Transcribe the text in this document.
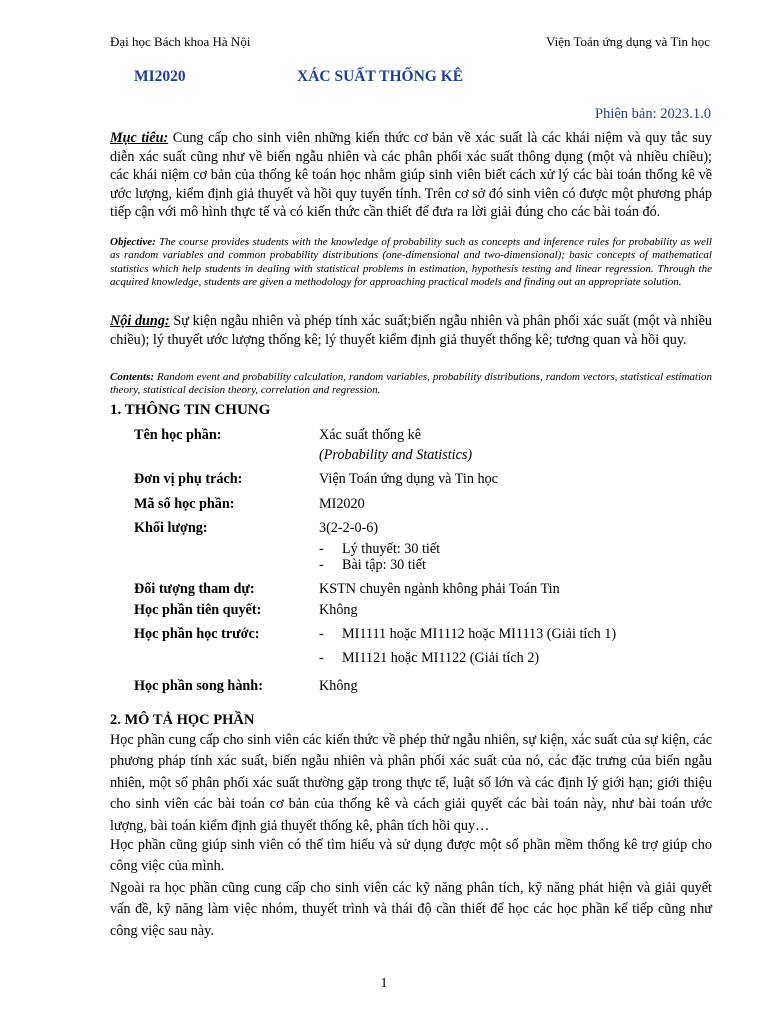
Đại học Bách khoa Hà Nội	Viện Toán ứng dụng và Tin học
MI2020	XÁC SUẤT THỐNG KÊ
Phiên bản: 2023.1.0
Mục tiêu: Cung cấp cho sinh viên những kiến thức cơ bản về xác suất là các khái niệm và quy tắc suy diễn xác suất cũng như về biến ngẫu nhiên và các phân phối xác suất thông dụng (một và nhiều chiều); các khái niệm cơ bản của thống kê toán học nhằm giúp sinh viên biết cách xử lý các bài toán thống kê về ước lượng, kiểm định giả thuyết và hồi quy tuyến tính. Trên cơ sở đó sinh viên có được một phương pháp tiếp cận với mô hình thực tế và có kiến thức cần thiết để đưa ra lời giải đúng cho các bài toán đó.
Objective: The course provides students with the knowledge of probability such as concepts and inference rules for probability as well as random variables and common probability distributions (one-dimensional and two-dimensional); basic concepts of mathematical statistics which help students in dealing with statistical problems in estimation, hypothesis testing and linear regression. Through the acquired knowledge, students are given a methodology for approaching practical models and finding out an appropriate solution.
Nội dung: Sự kiện ngẫu nhiên và phép tính xác suất;biến ngẫu nhiên và phân phối xác suất (một và nhiều chiều); lý thuyết ước lượng thống kê; lý thuyết kiểm định giả thuyết thống kê; tương quan và hồi quy.
Contents: Random event and probability calculation, random variables, probability distributions, random vectors, statistical estimation theory, statistical decision theory, correlation and regression.
1. THÔNG TIN CHUNG
Tên học phần:	Xác suất thống kê
(Probability and Statistics)
Đơn vị phụ trách:	Viện Toán ứng dụng và Tin học
Mã số học phần:	MI2020
Khối lượng:	3(2-2-0-6)
- Lý thuyết: 30 tiết
- Bài tập: 30 tiết
Đối tượng tham dự:	KSTN chuyên ngành không phải Toán Tin
Học phần tiên quyết:	Không
Học phần học trước:	- MI1111 hoặc MI1112 hoặc MI1113 (Giải tích 1)
- MI1121 hoặc MI1122 (Giải tích 2)
Học phần song hành:	Không
2. MÔ TẢ HỌC PHẦN
Học phần cung cấp cho sinh viên các kiến thức về phép thử ngẫu nhiên, sự kiện, xác suất của sự kiện, các phương pháp tính xác suất, biến ngẫu nhiên và phân phối xác suất của nó, các đặc trưng của biến ngẫu nhiên, một số phân phối xác suất thường gặp trong thực tế, luật số lớn và các định lý giới hạn; giới thiệu cho sinh viên các bài toán cơ bản của thống kê và cách giải quyết các bài toán này, như bài toán ước lượng, bài toán kiểm định giả thuyết thống kê, phân tích hồi quy…
Học phần cũng giúp sinh viên có thể tìm hiểu và sử dụng được một số phần mềm thống kê trợ giúp cho công việc của mình.
Ngoài ra học phần cũng cung cấp cho sinh viên các kỹ năng phân tích, kỹ năng phát hiện và giải quyết vấn đề, kỹ năng làm việc nhóm, thuyết trình và thái độ cần thiết để học các học phần kế tiếp cũng như công việc sau này.
1
